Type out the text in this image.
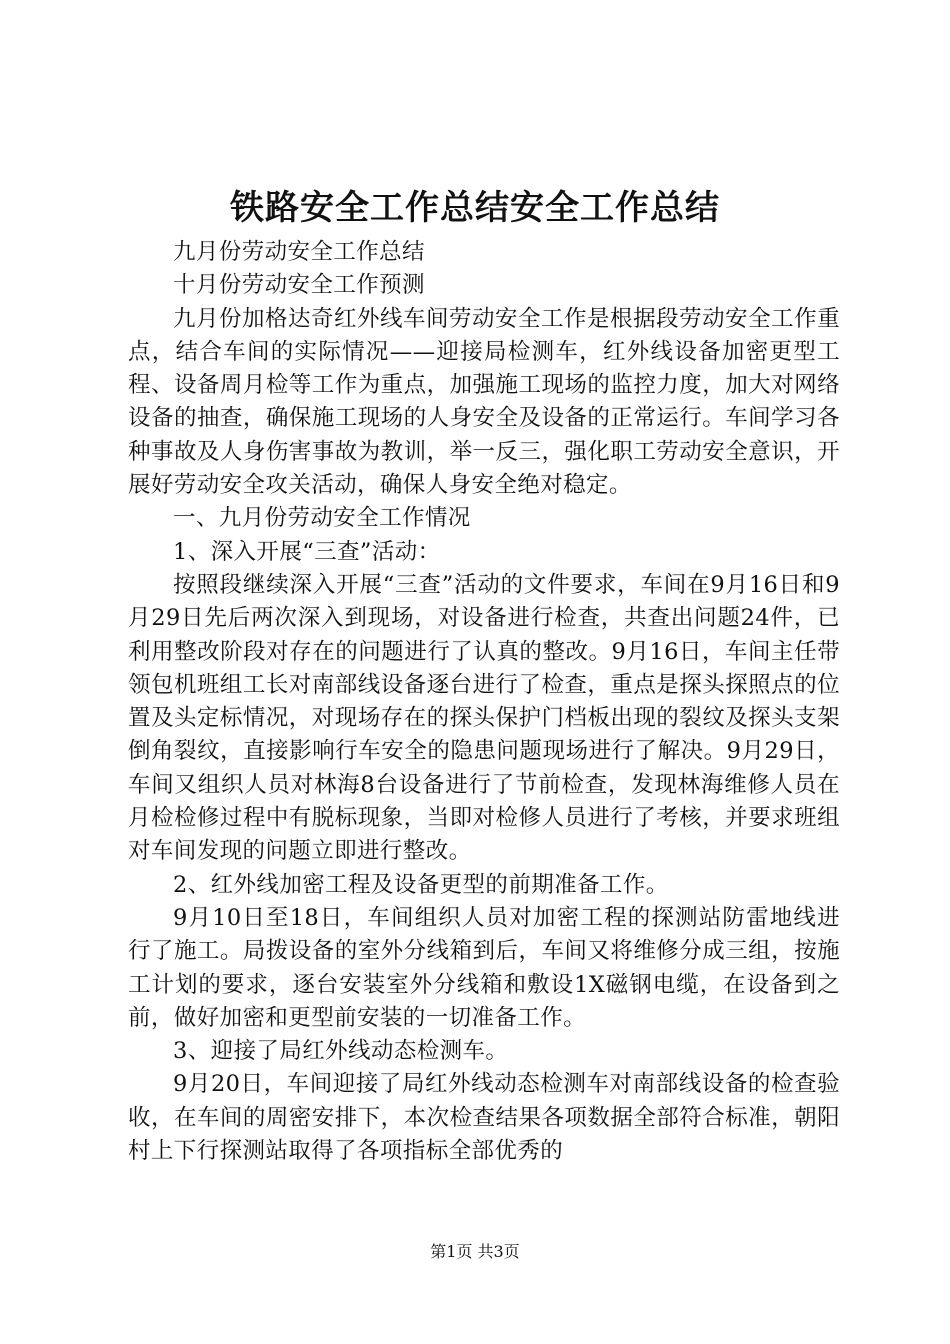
铁路安全工作总结安全工作总结

九月份劳动安全工作总结

十月份劳动安全工作预测

九月份加格达奇红外线车间劳动安全工作是根据段劳动安全工作重点，结合车间的实际情况——迎接局检测车，红外线设备加密更型工程、设备周月检等工作为重点，加强施工现场的监控力度，加大对网络设备的抽查，确保施工现场的人身安全及设备的正常运行。车间学习各种事故及人身伤害事故为教训，举一反三，强化职工劳动安全意识，开展好劳动安全攻关活动，确保人身安全绝对稳定。

一、九月份劳动安全工作情况

1、深入开展“三查”活动：

按照段继续深入开展“三查”活动的文件要求，车间在9月16日和9月29日先后两次深入到现场，对设备进行检查，共查出问题24件，已利用整改阶段对存在的问题进行了认真的整改。9月16日，车间主任带领包机班组工长对南部线设备逐台进行了检查，重点是探头探照点的位置及头定标情况，对现场存在的探头保护门档板出现的裂纹及探头支架倒角裂纹，直接影响行车安全的隐患问题现场进行了解决。9月29日，车间又组织人员对林海8台设备进行了节前检查，发现林海维修人员在月检检修过程中有脱标现象，当即对检修人员进行了考核，并要求班组对车间发现的问题立即进行整改。

2、红外线加密工程及设备更型的前期准备工作。

9月10日至18日，车间组织人员对加密工程的探测站防雷地线进行了施工。局拨设备的室外分线箱到后，车间又将维修分成三组，按施工计划的要求，逐台安装室外分线箱和敷设1X磁钢电缆，在设备到之前，做好加密和更型前安装的一切准备工作。

3、迎接了局红外线动态检测车。

9月20日，车间迎接了局红外线动态检测车对南部线设备的检查验收，在车间的周密安排下，本次检查结果各项数据全部符合标准，朝阳村上下行探测站取得了各项指标全部优秀的

第1页 共3页
